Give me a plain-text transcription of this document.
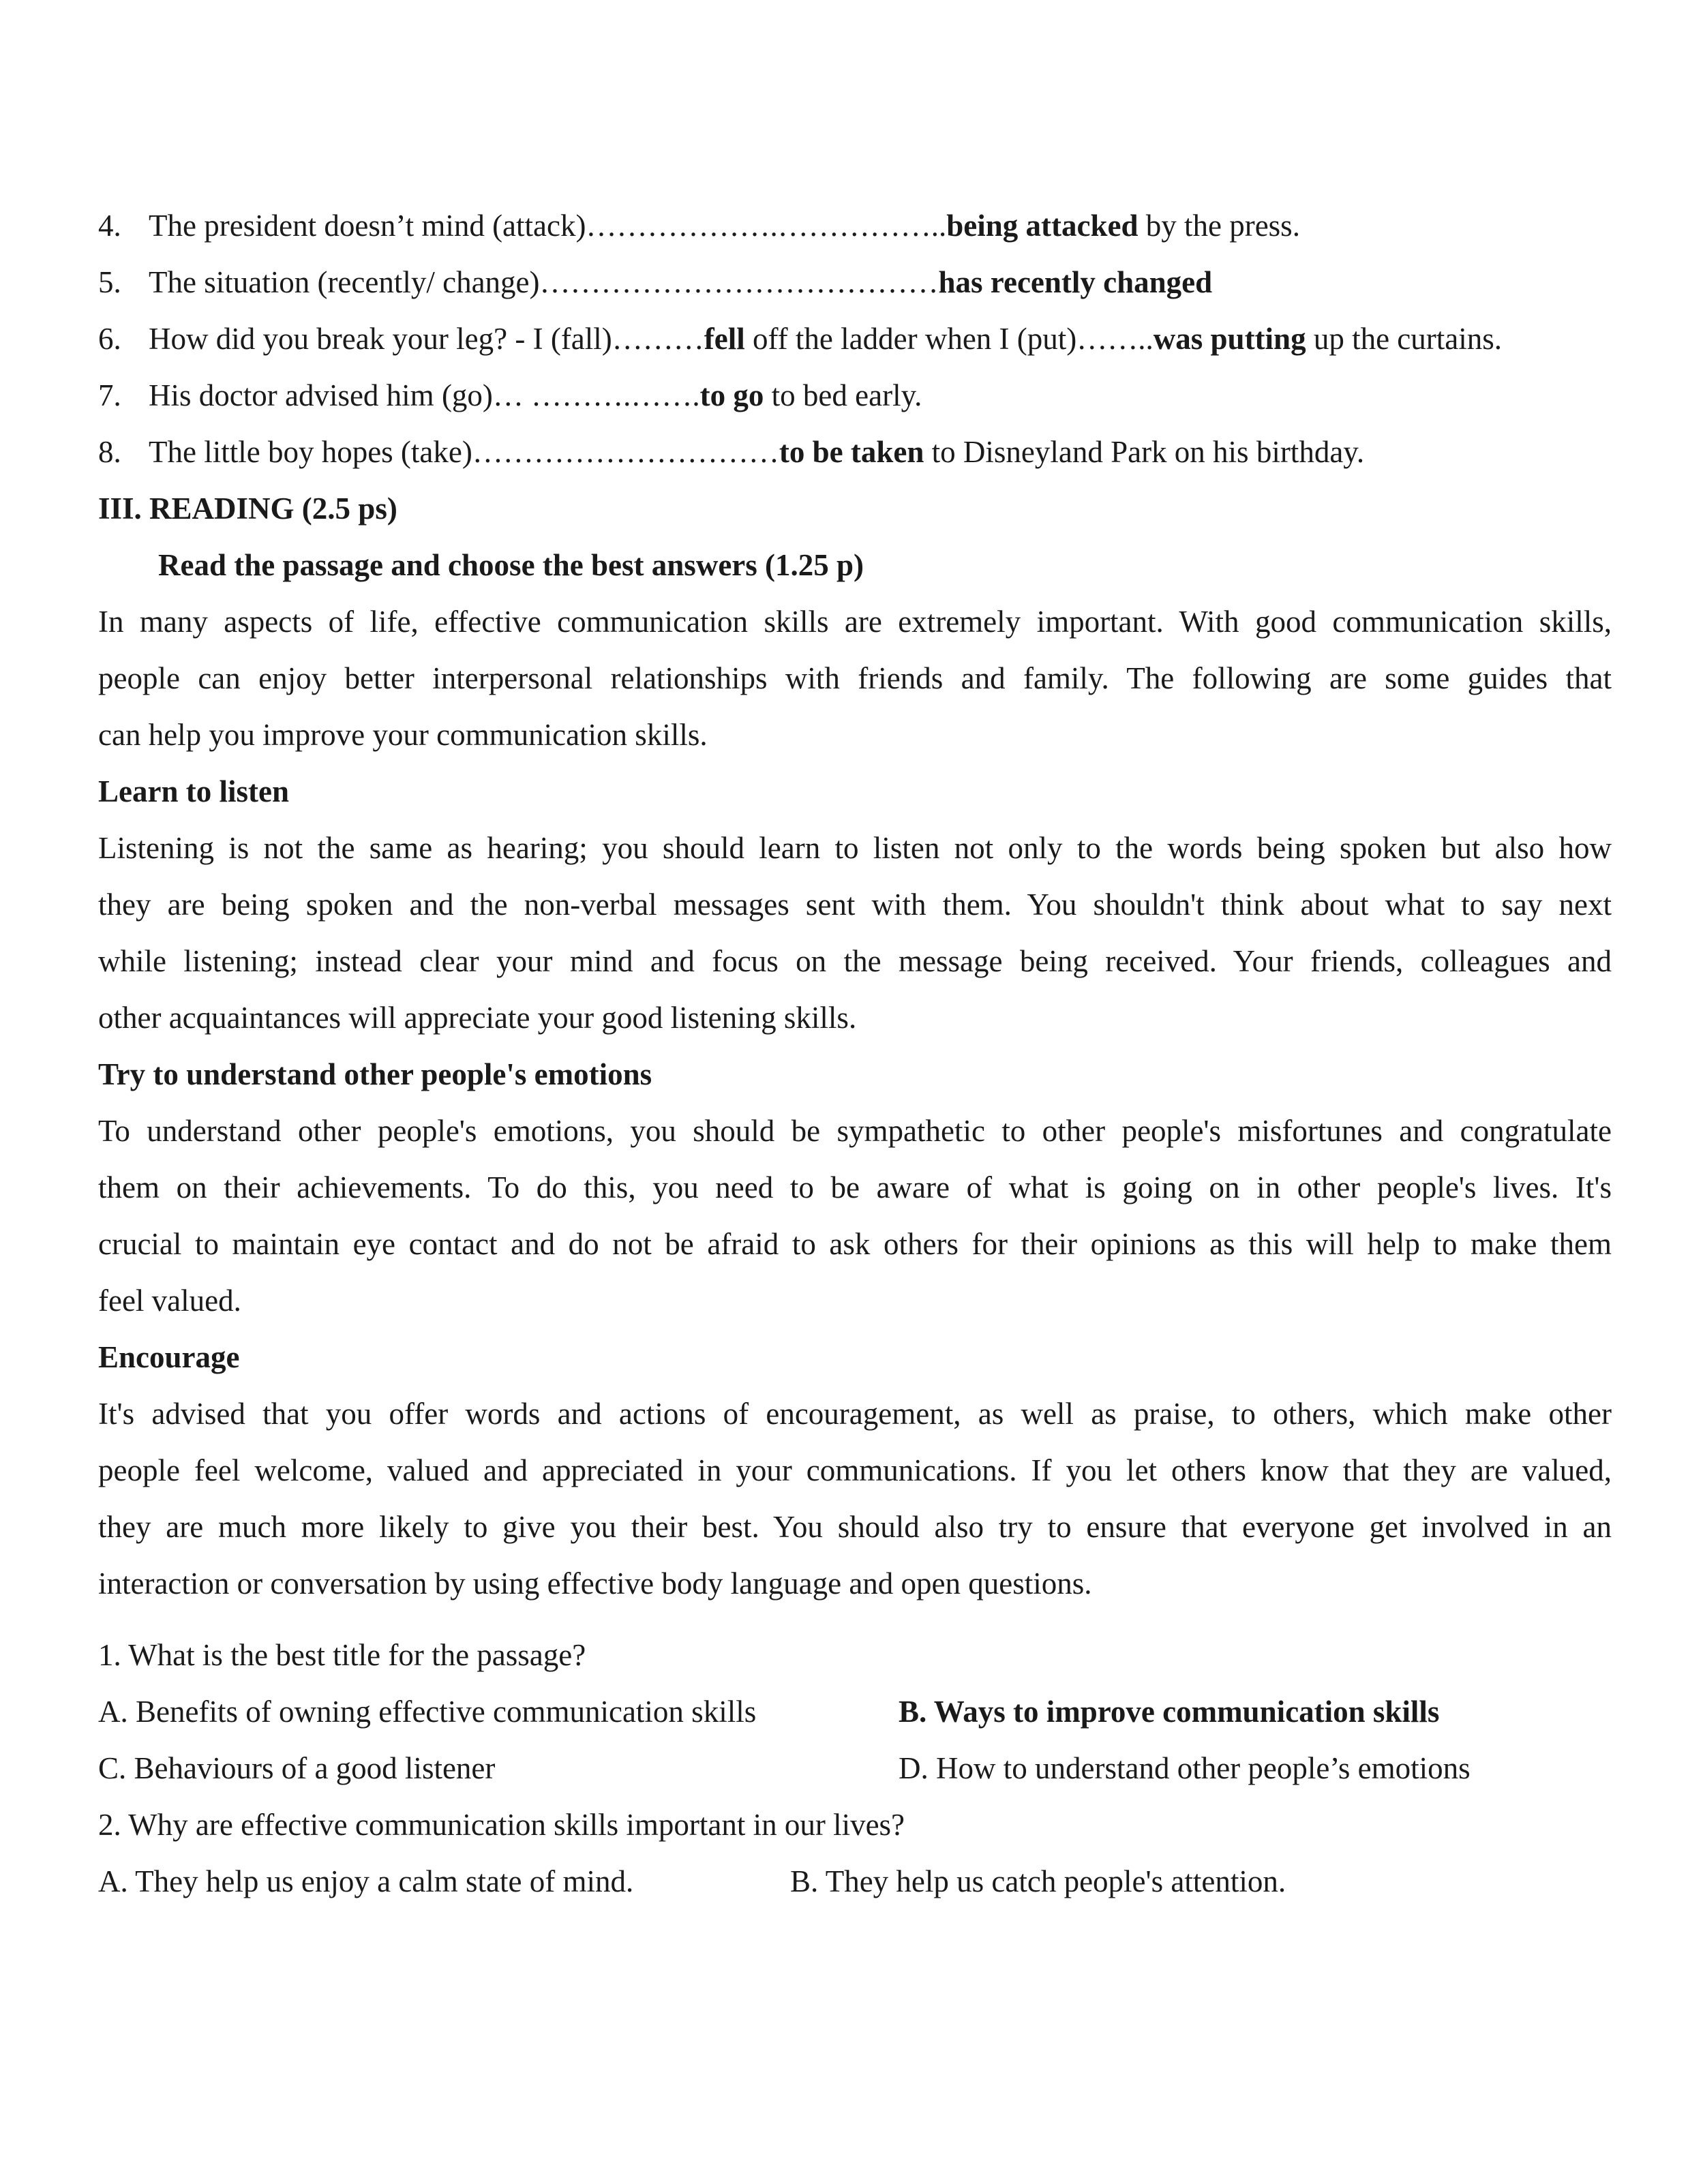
4. The president doesn’t mind (attack)……………….……………..being attacked by the press.
5. The situation (recently/ change)…………………………………has recently changed
6. How did you break your leg? - I (fall)………fell off the ladder when I (put)……..was putting up the curtains.
7. His doctor advised him (go)… ……….…….to go to bed early.
8. The little boy hopes (take)…………………………to be taken to Disneyland Park on his birthday.
III. READING (2.5 ps)
Read the passage and choose the best answers (1.25 p)
In many aspects of life, effective communication skills are extremely important. With good communication skills,
people can enjoy better interpersonal relationships with friends and family. The following are some guides that
can help you improve your communication skills.
Learn to listen
Listening is not the same as hearing; you should learn to listen not only to the words being spoken but also how
they are being spoken and the non-verbal messages sent with them. You shouldn't think about what to say next
while listening; instead clear your mind and focus on the message being received. Your friends, colleagues and
other acquaintances will appreciate your good listening skills.
Try to understand other people's emotions
To understand other people's emotions, you should be sympathetic to other people's misfortunes and congratulate
them on their achievements. To do this, you need to be aware of what is going on in other people's lives. It's
crucial to maintain eye contact and do not be afraid to ask others for their opinions as this will help to make them
feel valued.
Encourage
It's advised that you offer words and actions of encouragement, as well as praise, to others, which make other
people feel welcome, valued and appreciated in your communications. If you let others know that they are valued,
they are much more likely to give you their best. You should also try to ensure that everyone get involved in an
interaction or conversation by using effective body language and open questions.
1. What is the best title for the passage?
A. Benefits of owning effective communication skills	B. Ways to improve communication skills
C. Behaviours of a good listener	D. How to understand other people’s emotions
2. Why are effective communication skills important in our lives?
A. They help us enjoy a calm state of mind.	B. They help us catch people's attention.
